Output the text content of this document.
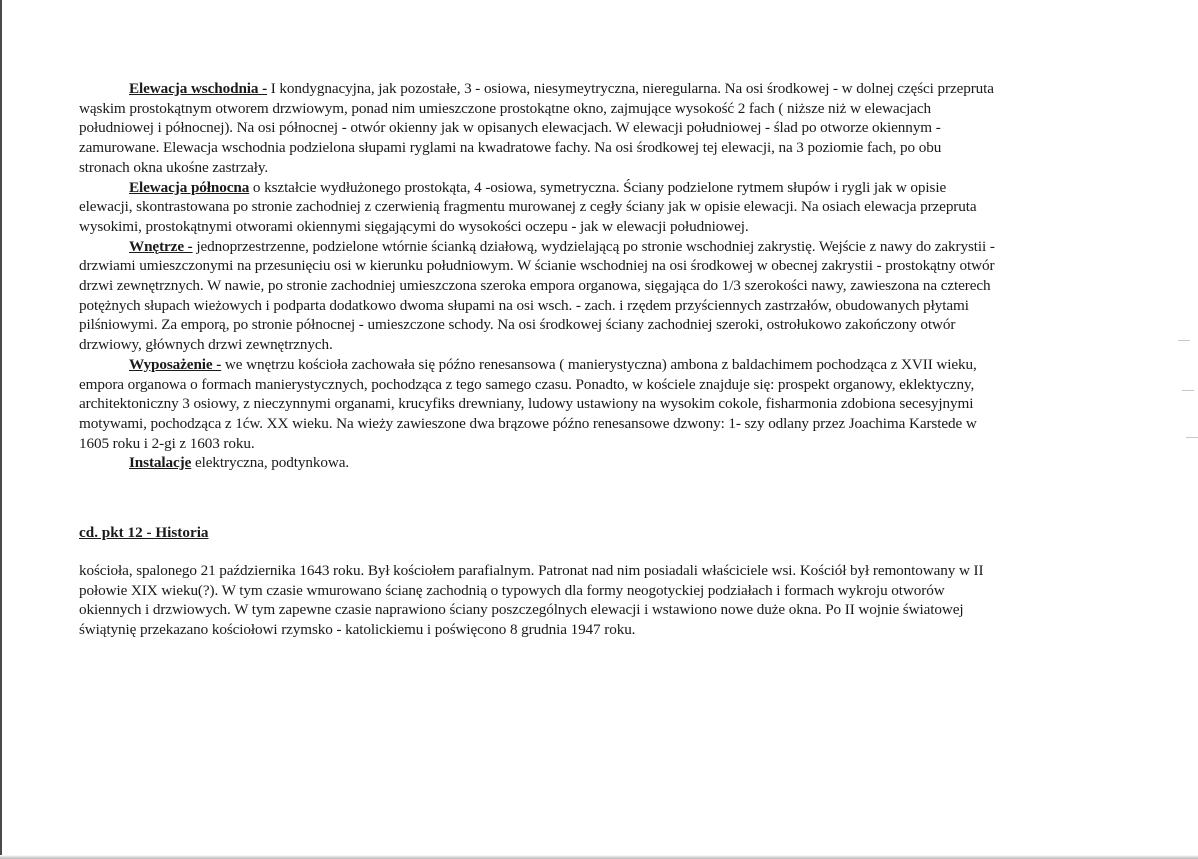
Elewacja wschodnia - I kondygnacyjna, jak pozostałe, 3 - osiowa, niesymeytryczna, nieregularna. Na osi środkowej - w dolnej części przepruta
wąskim prostokątnym otworem drzwiowym, ponad nim umieszczone prostokątne okno, zajmujące wysokość 2 fach ( niższe niż w elewacjach
południowej i północnej). Na osi północnej - otwór okienny jak w opisanych elewacjach. W elewacji południowej - ślad po otworze okiennym -
zamurowane. Elewacja wschodnia podzielona słupami ryglami na kwadratowe fachy. Na osi środkowej tej elewacji, na 3 poziomie fach, po obu
stronach okna ukośne zastrzały.
Elewacja północna o kształcie wydłużonego prostokąta, 4 -osiowa, symetryczna. Ściany podzielone rytmem słupów i rygli jak w opisie
elewacji, skontrastowana po stronie zachodniej z czerwienią fragmentu murowanej z cegły ściany jak w opisie elewacji. Na osiach elewacja przepruta
wysokimi, prostokątnymi otworami okiennymi sięgającymi do wysokości oczepu - jak w elewacji południowej.
Wnętrze - jednoprzestrzenne, podzielone wtórnie ścianką działową, wydzielającą po stronie wschodniej zakrystię. Wejście z nawy do zakrystii -
drzwiami umieszczonymi na przesunięciu osi w kierunku południowym. W ścianie wschodniej na osi środkowej w obecnej zakrystii - prostokątny otwór
drzwi zewnętrznych. W nawie, po stronie zachodniej umieszczona szeroka empora organowa, sięgająca do 1/3 szerokości nawy, zawieszona na czterech
potężnych słupach wieżowych i podparta dodatkowo dwoma słupami na osi wsch. - zach. i rzędem przyściennych zastrzałów, obudowanych płytami
pilśniowymi. Za emporą, po stronie północnej - umieszczone schody. Na osi środkowej ściany zachodniej szeroki, ostrołukowo zakończony otwór
drzwiowy, głównych drzwi zewnętrznych.
Wyposażenie - we wnętrzu kościoła zachowała się późno renesansowa ( manierystyczna) ambona z baldachimem pochodząca z XVII wieku,
empora organowa o formach manierystycznych, pochodząca z tego samego czasu. Ponadto, w kościele znajduje się: prospekt organowy, eklektyczny,
architektoniczny 3 osiowy, z nieczynnymi organami, krucyfiks drewniany, ludowy ustawiony na wysokim cokole, fisharmonia zdobiona secesyjnymi
motywami, pochodząca z 1ćw. XX wieku. Na wieży zawieszone dwa brązowe późno renesansowe dzwony: 1- szy odlany przez Joachima Karstede w
1605 roku i 2-gi z 1603 roku.
Instalacje elektryczna, podtynkowa.
cd. pkt 12 - Historia
kościoła, spalonego 21 października 1643 roku. Był kościołem parafialnym. Patronat nad nim posiadali właściciele wsi. Kościół był remontowany w II
połowie XIX wieku(?). W tym czasie wmurowano ścianę zachodnią o typowych dla formy neogotyckiej podziałach i formach wykroju otworów
okiennych i drzwiowych. W tym zapewne czasie naprawiono ściany poszczególnych elewacji i wstawiono nowe duże okna. Po II wojnie światowej
świątynię przekazano kościołowi rzymsko - katolickiemu i poświęcono 8 grudnia 1947 roku.
